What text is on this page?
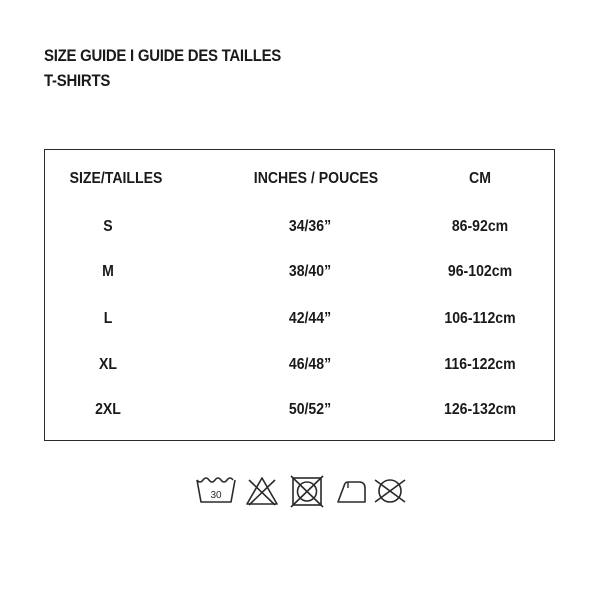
SIZE GUIDE I GUIDE DES TAILLES
T-SHIRTS
SIZE/TAILLES	INCHES / POUCES	CM
S	34/36”	86-92cm
M	38/40”	96-102cm
L	42/44”	106-112cm
XL	46/48”	116-122cm
2XL	50/52”	126-132cm
30
